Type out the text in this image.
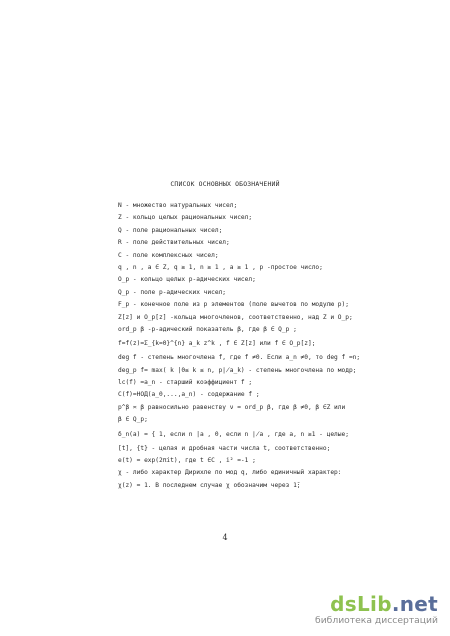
СПИСОК ОСНОВНЫХ ОБОЗНАЧЕНИЙ
N - множество натуральных чисел;
Z - кольцо целых рациональных чисел;
Q - поле рациональных чисел;
R - поле действительных чисел;
C - поле комплексных чисел;
q , n , a ∈ Z, q ≥ 1, n ≥ 1 , a ≥ 1 , p -простое число;
O_p - кольцо целых p-адических чисел;
Q_p - поле p-адических чисел;
F_p - конечное поле из p элементов (поле вычетов по модулю p);
Z[z] и O_p[z] -кольца многочленов, соответственно, над Z и O_p;
ord_p β -p-адический показатель β, где β ∈ Q_p ;
f=f(z)=Σ_{k=0}^{n} a_k z^k , f ∈ Z[z] или f ∈ O_p[z];
deg f - степень многочлена f, где f ≠0. Если a_n ≠0, то deg f =n;
deg_p f= max( k |0≤ k ≤ n, p∤a_k) - степень многочлена по модр;
lc(f) =a_n - старший коэффициент f ;
C(f)=НОД(a_0,...,a_n) - содержание f ;
p^β ≍ β равносильно равенству ν = ord_p β, где β ≠0, β ∈Z или
β ∈ Q_p;
δ_n(a) = { 1, если n |a , 0, если n ∤a , где a, n ≥1 - целые;
[t], {t} - целая и дробная части числа t, соответственно;
e(t) = exp(2πit), где t ∈C , i² =-1 ;
χ - либо характер Дирихле по мод q, либо единичный характер:
χ(z) = 1. В последнем случае χ обозначим через 1̄;
4
dsLib.net
библиотека диссертаций
